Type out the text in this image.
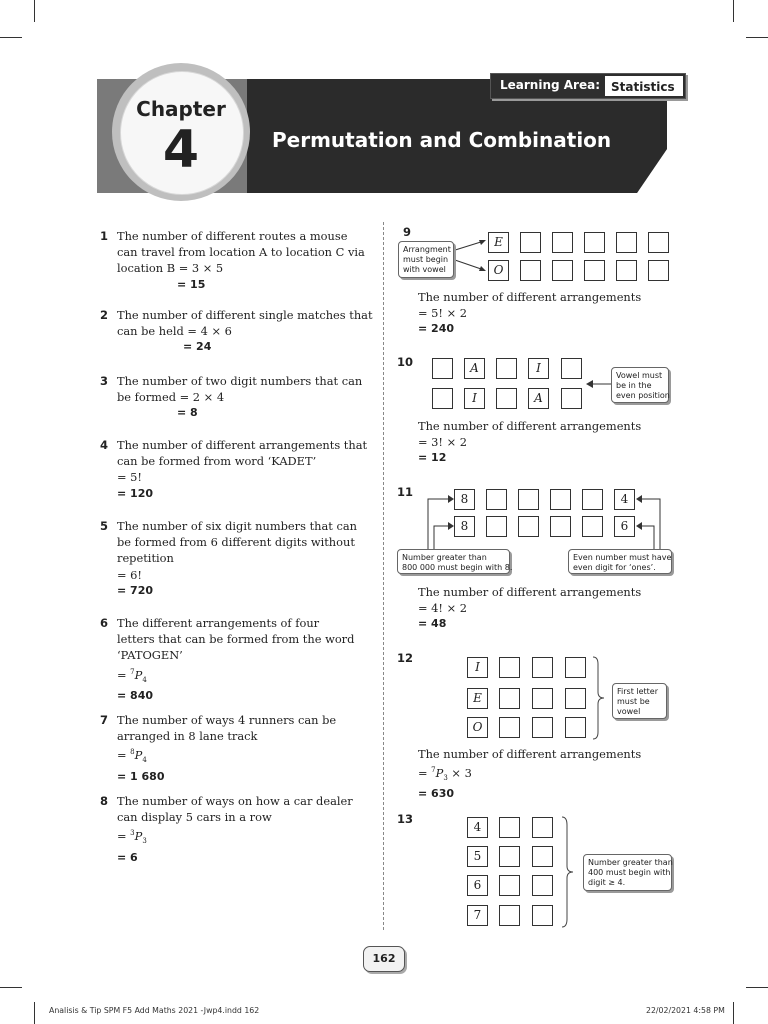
Chapter
4	Permutation and Combination
Learning Area: Statistics
1 The number of different routes a mouse
can travel from location A to location C via
location B = 3 × 5
= 15
2 The number of different single matches that
can be held = 4 × 6
= 24
3 The number of two digit numbers that can
be formed = 2 × 4
= 8
4 The number of different arrangements that
can be formed from word ‘KADET’
= 5!
= 120
5 The number of six digit numbers that can
be formed from 6 different digits without
repetition
= 6!
= 720
6 The different arrangements of four
letters that can be formed from the word
‘PATOGEN’
= $^7P_4$
= 840
7 The number of ways 4 runners can be
arranged in 8 lane track
= $^8P_4$
= 1 680
8 The number of ways on how a car dealer
can display 5 cars in a row
= $^3P_3$
= 6
9
Arrangment
must begin
with vowel
E
O
The number of different arrangements
= 5! × 2
= 240
10	A	I
I	A
Vowel must
be in the
even position
The number of different arrangements
= 3! × 2
= 12
11	8	4
8	6
Number greater than
800 000 must begin with 8.
Even number must have
even digit for ‘ones’.
The number of different arrangements
= 4! × 2
= 48
12
I
E
O
First letter
must be
vowel
The number of different arrangements
= $^7P_3 \times 3$
= 630
13
4
5
6
7
Number greater than
400 must begin with
digit ≥ 4.
162
Analisis & Tip SPM F5 Add Maths 2021 -Jwp4.indd 162	22/02/2021 4:58 PM
